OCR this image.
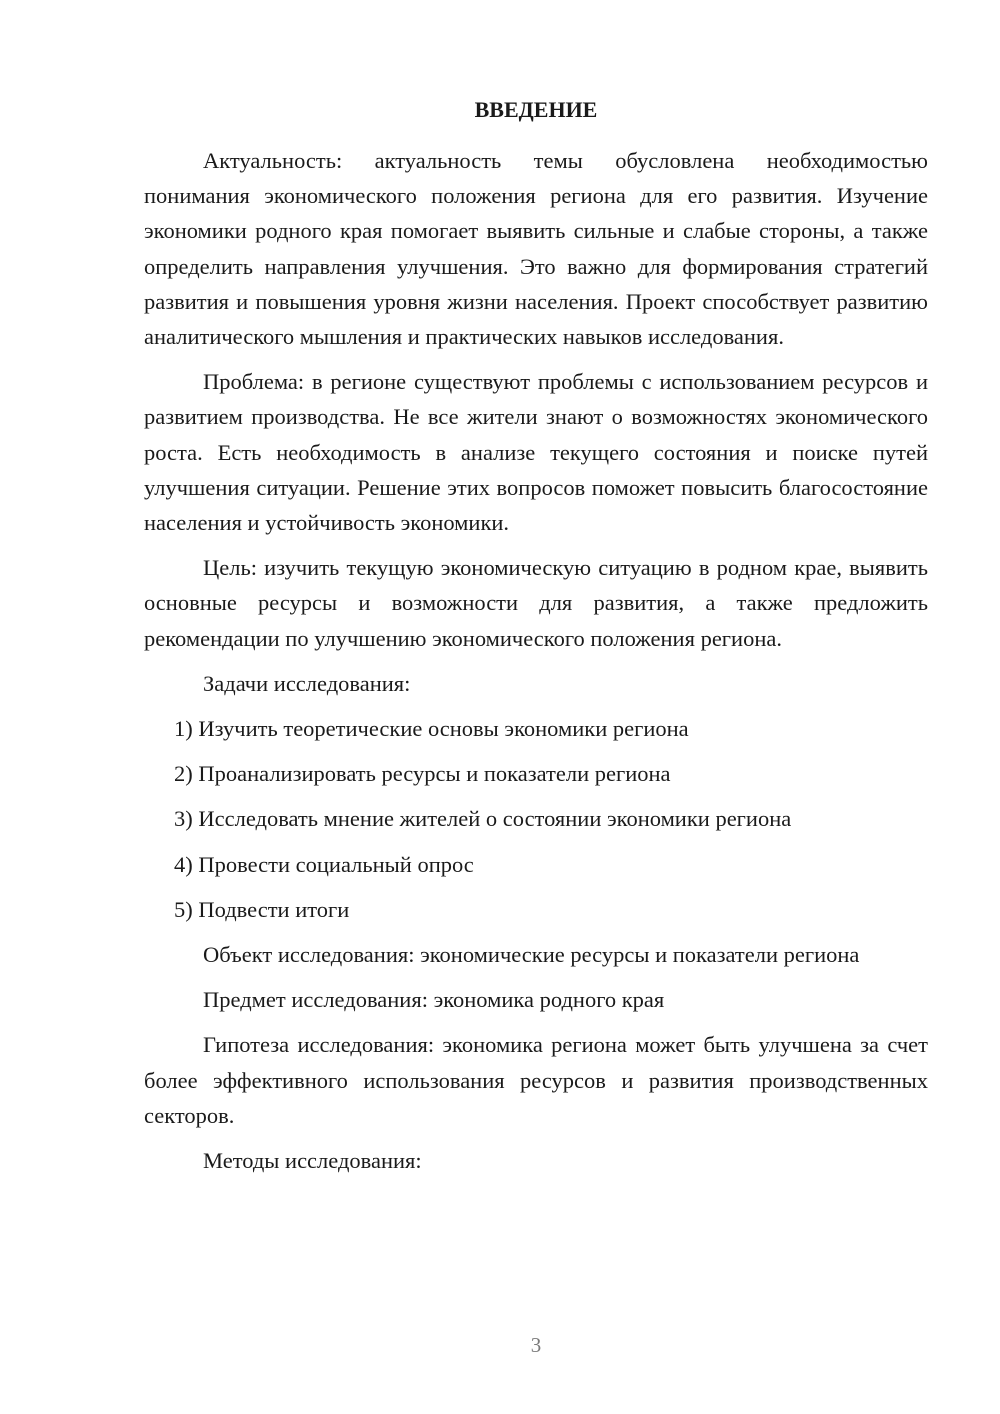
ВВЕДЕНИЕ

Актуальность: актуальность темы обусловлена необходимостью понимания экономического положения региона для его развития. Изучение экономики родного края помогает выявить сильные и слабые стороны, а также определить направления улучшения. Это важно для формирования стратегий развития и повышения уровня жизни населения. Проект способствует развитию аналитического мышления и практических навыков исследования.

Проблема: в регионе существуют проблемы с использованием ресурсов и развитием производства. Не все жители знают о возможностях экономического роста. Есть необходимость в анализе текущего состояния и поиске путей улучшения ситуации. Решение этих вопросов поможет повысить благосостояние населения и устойчивость экономики.

Цель: изучить текущую экономическую ситуацию в родном крае, выявить основные ресурсы и возможности для развития, а также предложить рекомендации по улучшению экономического положения региона.

Задачи исследования:

1) Изучить теоретические основы экономики региона

2) Проанализировать ресурсы и показатели региона

3) Исследовать мнение жителей о состоянии экономики региона

4) Провести социальный опрос

5) Подвести итоги

Объект исследования: экономические ресурсы и показатели региона

Предмет исследования: экономика родного края

Гипотеза исследования: экономика региона может быть улучшена за счет более эффективного использования ресурсов и развития производственных секторов.

Методы исследования:

3
